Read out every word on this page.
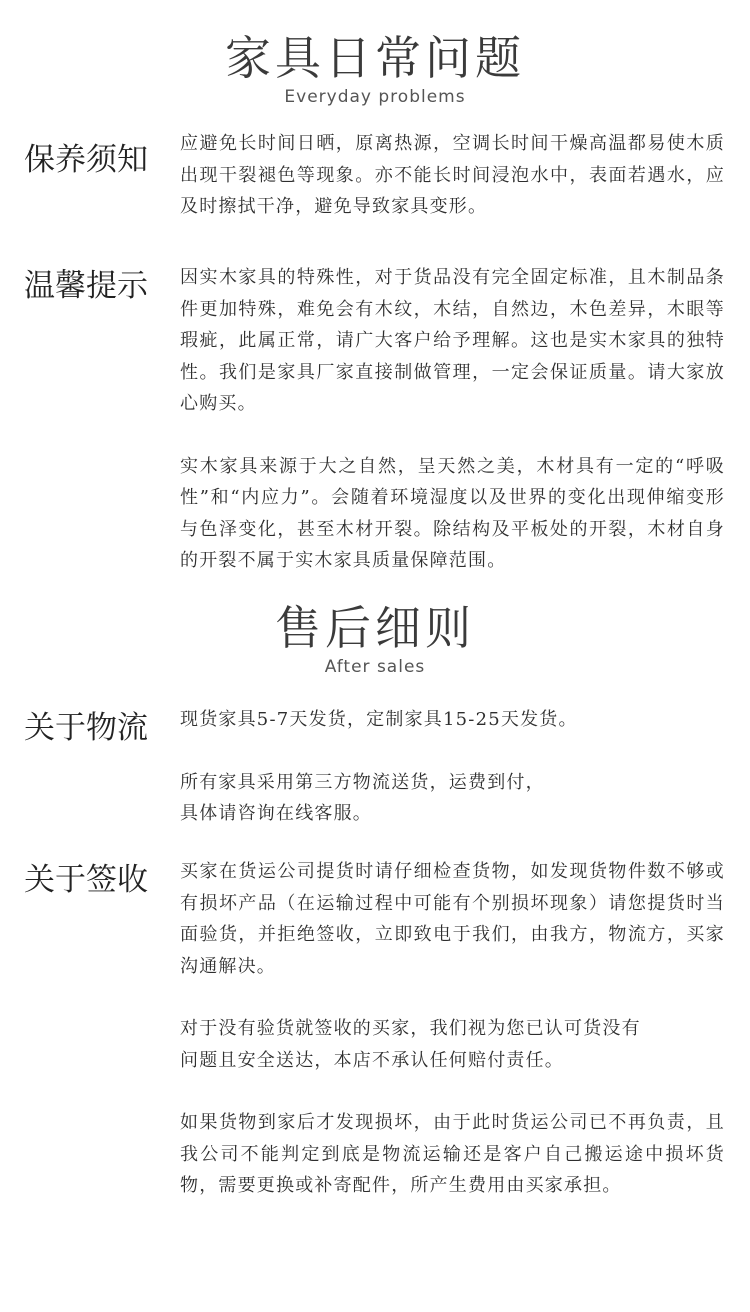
家具日常问题
Everyday problems
保养须知 应避免长时间日晒，原离热源，空调长时间干燥高温都易使木质出现干裂褪色等现象。亦不能长时间浸泡水中，表面若遇水，应及时擦拭干净，避免导致家具变形。

温馨提示 因实木家具的特殊性，对于货品没有完全固定标准，且木制品条件更加特殊，难免会有木纹，木结，自然边，木色差异，木眼等瑕疵，此属正常，请广大客户给予理解。这也是实木家具的独特性。我们是家具厂家直接制做管理，一定会保证质量。请大家放心购买。

实木家具来源于大之自然，呈天然之美，木材具有一定的“呼吸性”和“内应力”。会随着环境湿度以及世界的变化出现伸缩变形与色泽变化，甚至木材开裂。除结构及平板处的开裂，木材自身的开裂不属于实木家具质量保障范围。

售后细则
After sales
关于物流 现货家具5-7天发货，定制家具15-25天发货。

所有家具采用第三方物流送货，运费到付，
具体请咨询在线客服。

关于签收 买家在货运公司提货时请仔细检查货物，如发现货物件数不够或有损坏产品（在运输过程中可能有个别损坏现象）请您提货时当面验货，并拒绝签收，立即致电于我们，由我方，物流方，买家沟通解决。

对于没有验货就签收的买家，我们视为您已认可货没有
问题且安全送达，本店不承认任何赔付责任。

如果货物到家后才发现损坏，由于此时货运公司已不再负责，且我公司不能判定到底是物流运输还是客户自己搬运途中损坏货物，需要更换或补寄配件，所产生费用由买家承担。
